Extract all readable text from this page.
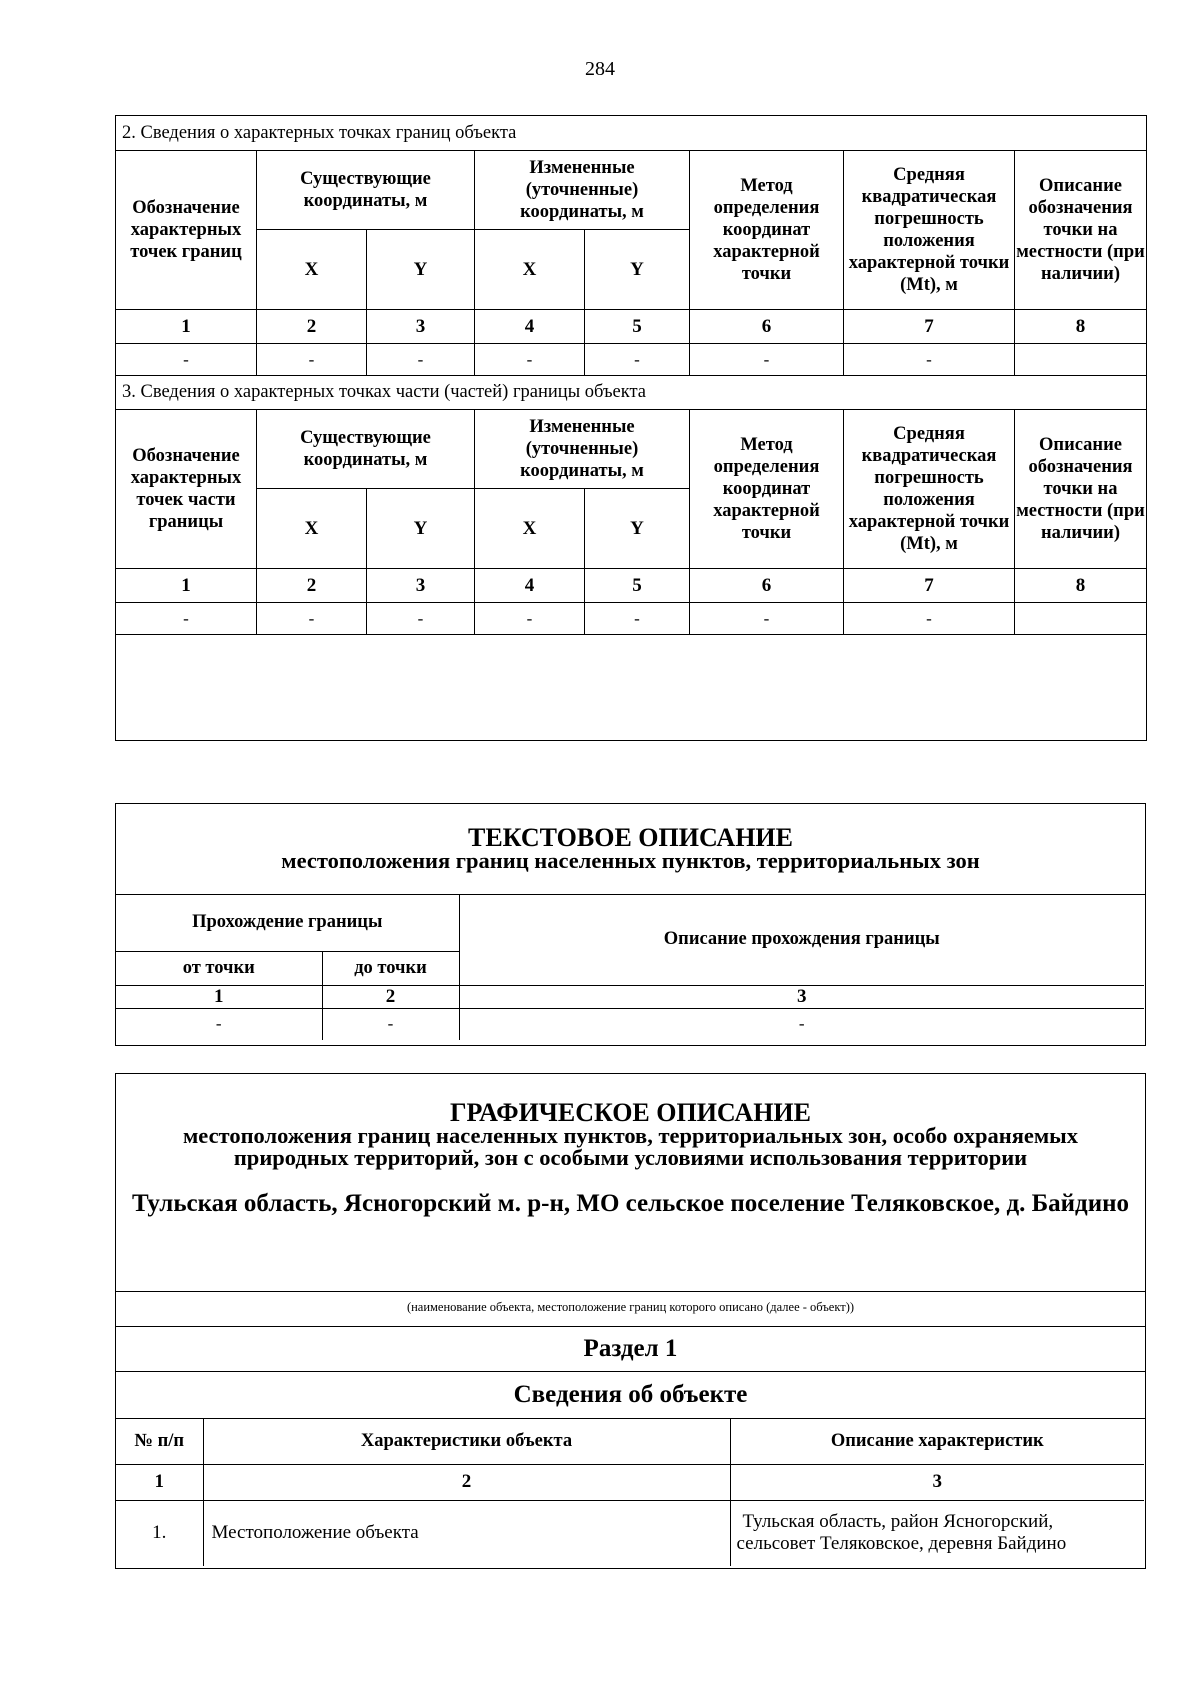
284
2. Сведения о характерных точках границ объекта							
Обозначение характерных точек границ	Существующие координаты, м		Измененные (уточненные) координаты, м		Метод определения координат характерной точки	Средняя квадратическая погрешность положения характерной точки (Mt), м	Описание обозначения точки на местности (при наличии)
	X	Y	X	Y			
1	2	3	4	5	6	7	8
-	-	-	-	-	-	-	
3. Сведения о характерных точках части (частей) границы объекта							
Обозначение характерных точек части границы	Существующие координаты, м		Измененные (уточненные) координаты, м		Метод определения координат характерной точки	Средняя квадратическая погрешность положения характерной точки (Mt), м	Описание обозначения точки на местности (при наличии)
	X	Y	X	Y			
1	2	3	4	5	6	7	8
-	-	-	-	-	-	-	

ТЕКСТОВОЕ ОПИСАНИЕ
местоположения границ населенных пунктов, территориальных зон
Прохождение границы		Описание прохождения границы
от точки	до точки	
1	2	3
-	-	-
ГРАФИЧЕСКОЕ ОПИСАНИЕ
местоположения границ населенных пунктов, территориальных зон, особо охраняемых природных территорий, зон с особыми условиями использования территории
Тульская область, Ясногорский м. р-н, МО сельское поселение Теляковское, д. Байдино
(наименование объекта, местоположение границ которого описано (далее - объект))
Раздел 1
Сведения об объекте
№ п/п	Характеристики объекта	Описание характеристик
1	2	3
1.	Местоположение объекта	Тульская область, район Ясногорский,
сельсовет Теляковское, деревня Байдино
